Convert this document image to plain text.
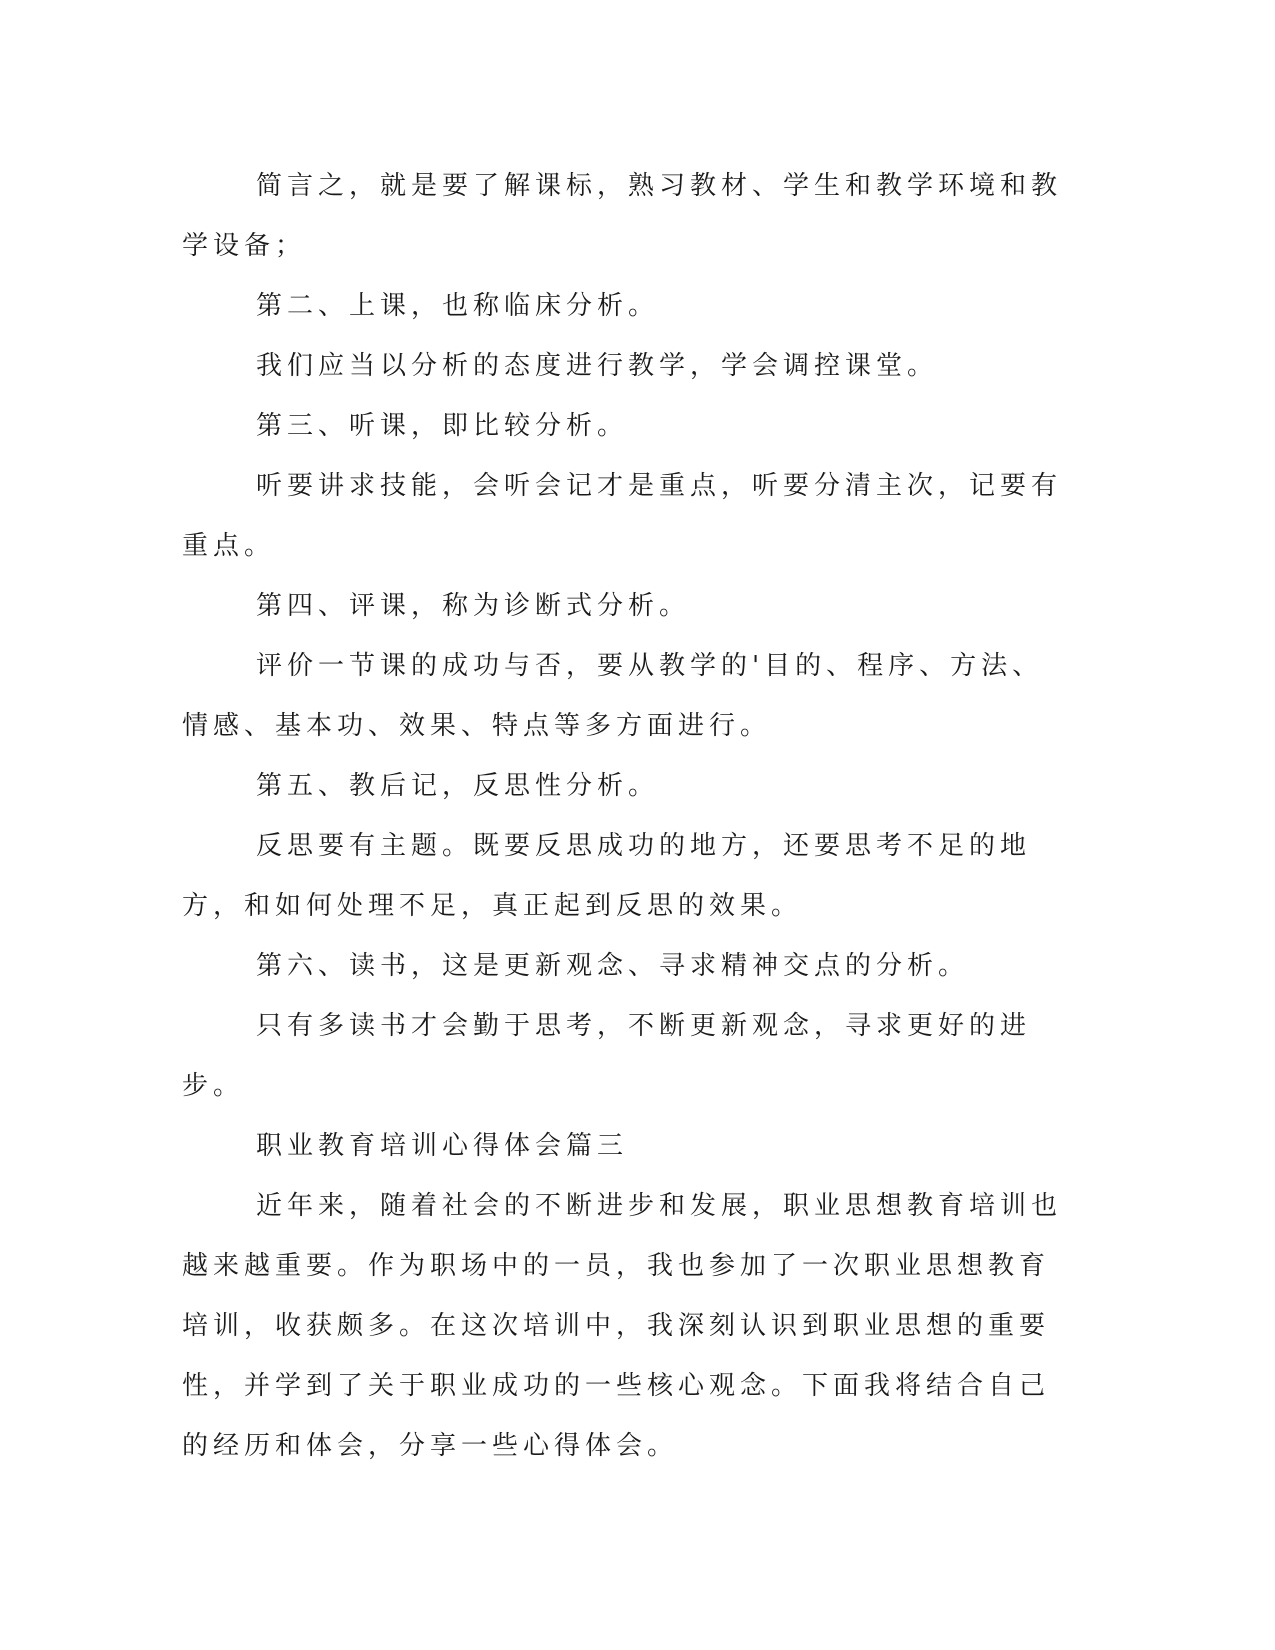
简言之，就是要了解课标，熟习教材、学生和教学环境和教学设备；

第二、上课，也称临床分析。

我们应当以分析的态度进行教学，学会调控课堂。

第三、听课，即比较分析。

听要讲求技能，会听会记才是重点，听要分清主次，记要有重点。

第四、评课，称为诊断式分析。

评价一节课的成功与否，要从教学的'目的、程序、方法、情感、基本功、效果、特点等多方面进行。

第五、教后记，反思性分析。

反思要有主题。既要反思成功的地方，还要思考不足的地方，和如何处理不足，真正起到反思的效果。

第六、读书，这是更新观念、寻求精神交点的分析。

只有多读书才会勤于思考，不断更新观念，寻求更好的进步。

职业教育培训心得体会篇三

近年来，随着社会的不断进步和发展，职业思想教育培训也越来越重要。作为职场中的一员，我也参加了一次职业思想教育培训，收获颇多。在这次培训中，我深刻认识到职业思想的重要性，并学到了关于职业成功的一些核心观念。下面我将结合自己的经历和体会，分享一些心得体会。
